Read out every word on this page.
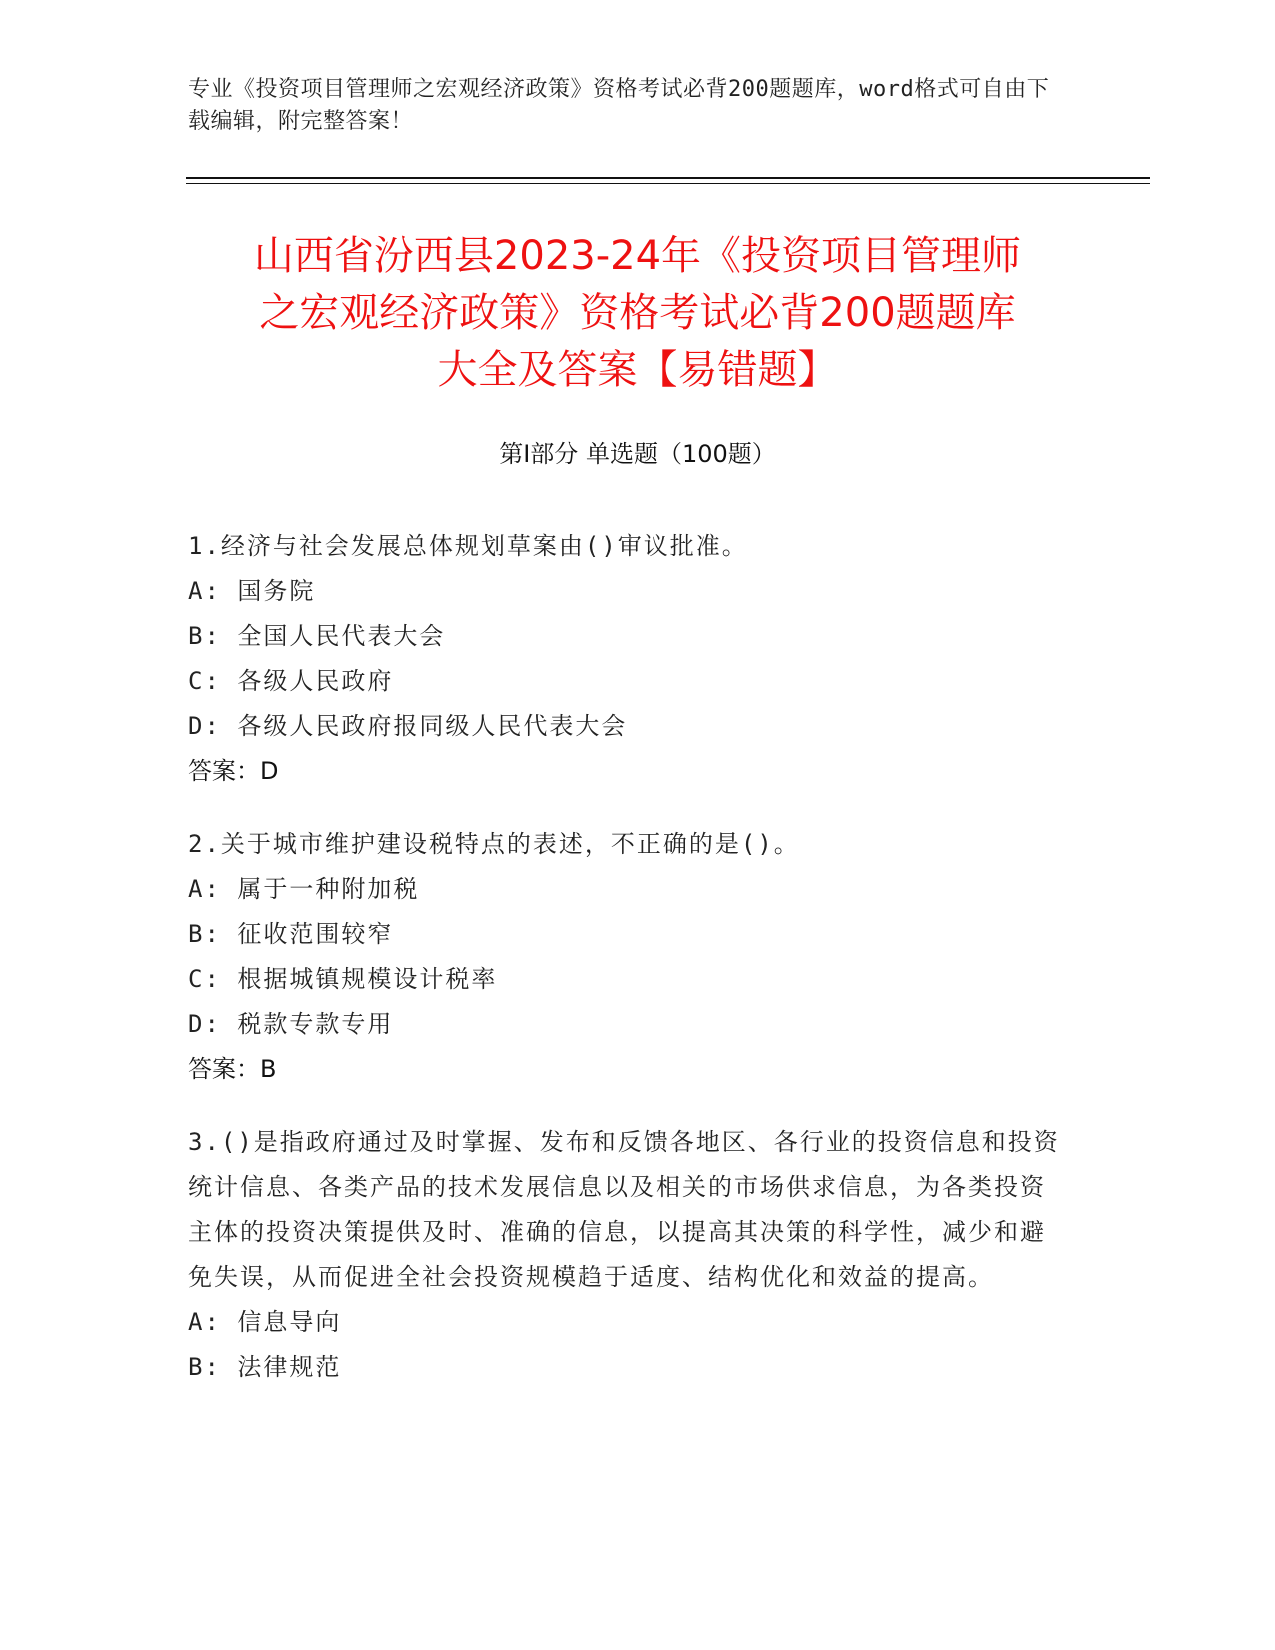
专业《投资项目管理师之宏观经济政策》资格考试必背200题题库，word格式可自由下载编辑，附完整答案！
山西省汾西县2023-24年《投资项目管理师
之宏观经济政策》资格考试必背200题题库
大全及答案【易错题】
第Ⅰ部分 单选题（100题）

1.经济与社会发展总体规划草案由()审议批准。

A: 国务院

B: 全国人民代表大会

C: 各级人民政府

D: 各级人民政府报同级人民代表大会

答案：D

2.关于城市维护建设税特点的表述，不正确的是()。

A: 属于一种附加税

B: 征收范围较窄

C: 根据城镇规模设计税率

D: 税款专款专用

答案：B

3.()是指政府通过及时掌握、发布和反馈各地区、各行业的投资信息和投资统计信息、各类产品的技术发展信息以及相关的市场供求信息，为各类投资主体的投资决策提供及时、准确的信息，以提高其决策的科学性，减少和避免失误，从而促进全社会投资规模趋于适度、结构优化和效益的提高。

A: 信息导向

B: 法律规范
